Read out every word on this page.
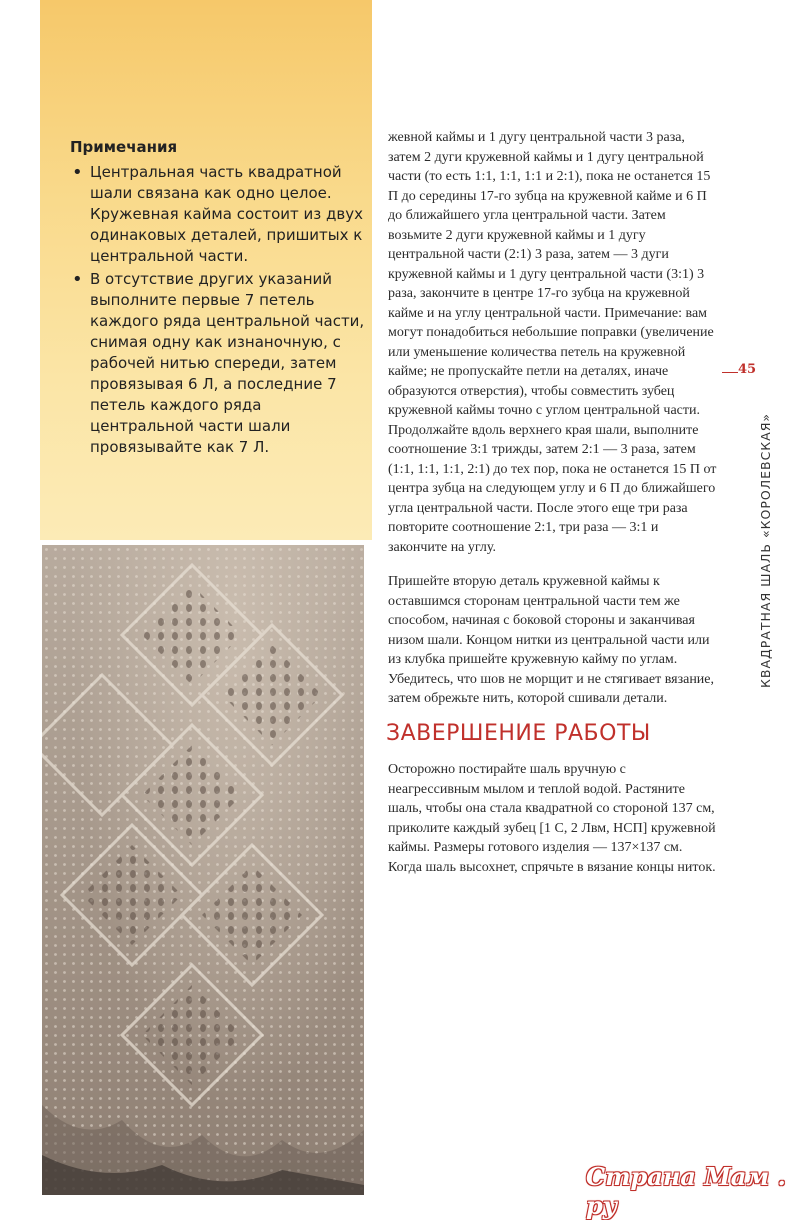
Примечания
• Центральная часть квадратной шали связана как одно целое. Кружевная кайма состоит из двух одинаковых деталей, пришитых к центральной части.
• В отсутствие других указаний выполните первые 7 петель каждого ряда центральной части, снимая одну как изнаночную, с рабочей нитью спереди, затем провязывая 6 Л, а последние 7 петель каждого ряда центральной части шали провязывайте как 7 Л.

жевной каймы и 1 дугу центральной части 3 раза, затем 2 дуги кружевной каймы и 1 дугу центральной части (то есть 1:1, 1:1, 1:1 и 2:1), пока не останется 15 П до середины 17-го зубца на кружевной кайме и 6 П до ближайшего угла центральной части. Затем возьмите 2 дуги кружевной каймы и 1 дугу центральной части (2:1) 3 раза, затем — 3 дуги кружевной каймы и 1 дугу центральной части (3:1) 3 раза, закончите в центре 17-го зубца на кружевной кайме и на углу центральной части. Примечание: вам могут понадобиться небольшие поправки (увеличение или уменьшение количества петель на кружевной кайме; не пропускайте петли на деталях, иначе образуются отверстия), чтобы совместить зубец кружевной каймы точно с углом центральной части. Продолжайте вдоль верхнего края шали, выполните соотношение 3:1 трижды, затем 2:1 — 3 раза, затем (1:1, 1:1, 1:1, 2:1) до тех пор, пока не останется 15 П от центра зубца на следующем углу и 6 П до ближайшего угла центральной части. После этого еще три раза повторите соотношение 2:1, три раза — 3:1 и закончите на углу.

Пришейте вторую деталь кружевной каймы к оставшимся сторонам центральной части тем же способом, начиная с боковой стороны и заканчивая низом шали. Концом нитки из центральной части или из клубка пришейте кружевную кайму по углам. Убедитесь, что шов не морщит и не стягивает вязание, затем обрежьте нить, которой сшивали детали.

ЗАВЕРШЕНИЕ РАБОТЫ

Осторожно постирайте шаль вручную с неагрессивным мылом и теплой водой. Растяните шаль, чтобы она стала квадратной со стороной 137 см, приколите каждый зубец [1 С, 2 Лвм, НСП] кружевной каймы. Размеры готового изделия — 137×137 см. Когда шаль высохнет, спрячьте в вязание концы ниток.

45
КВАДРАТНАЯ ШАЛЬ «КОРОЛЕВСКАЯ»
Страна Мам . ру
